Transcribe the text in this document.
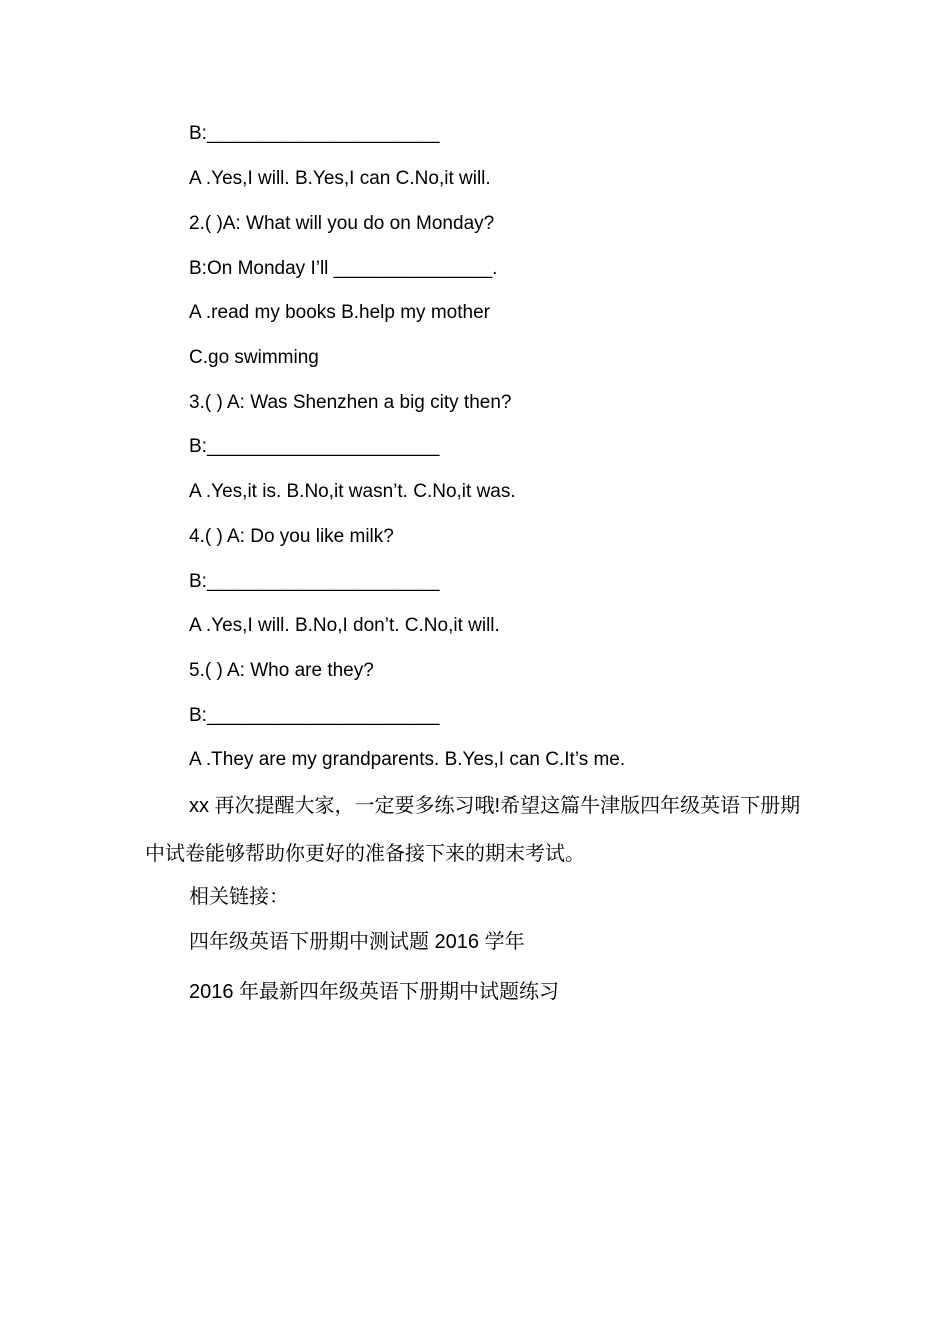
B:______________________
A .Yes,I will. B.Yes,I can C.No,it will.
2.( )A: What will you do on Monday?
B:On Monday I’ll _______________.
A .read my books B.help my mother
C.go swimming
3.( ) A: Was Shenzhen a big city then?
B:______________________
A .Yes,it is. B.No,it wasn’t. C.No,it was.
4.( ) A: Do you like milk?
B:______________________
A .Yes,I will. B.No,I don’t. C.No,it will.
5.( ) A: Who are they?
B:______________________
A .They are my grandparents. B.Yes,I can C.It’s me.
xx 再次提醒大家，一定要多练习哦!希望这篇牛津版四年级英语下册期中试卷能够帮助你更好的准备接下来的期末考试。
相关链接：
四年级英语下册期中测试题 2016 学年
2016 年最新四年级英语下册期中试题练习
